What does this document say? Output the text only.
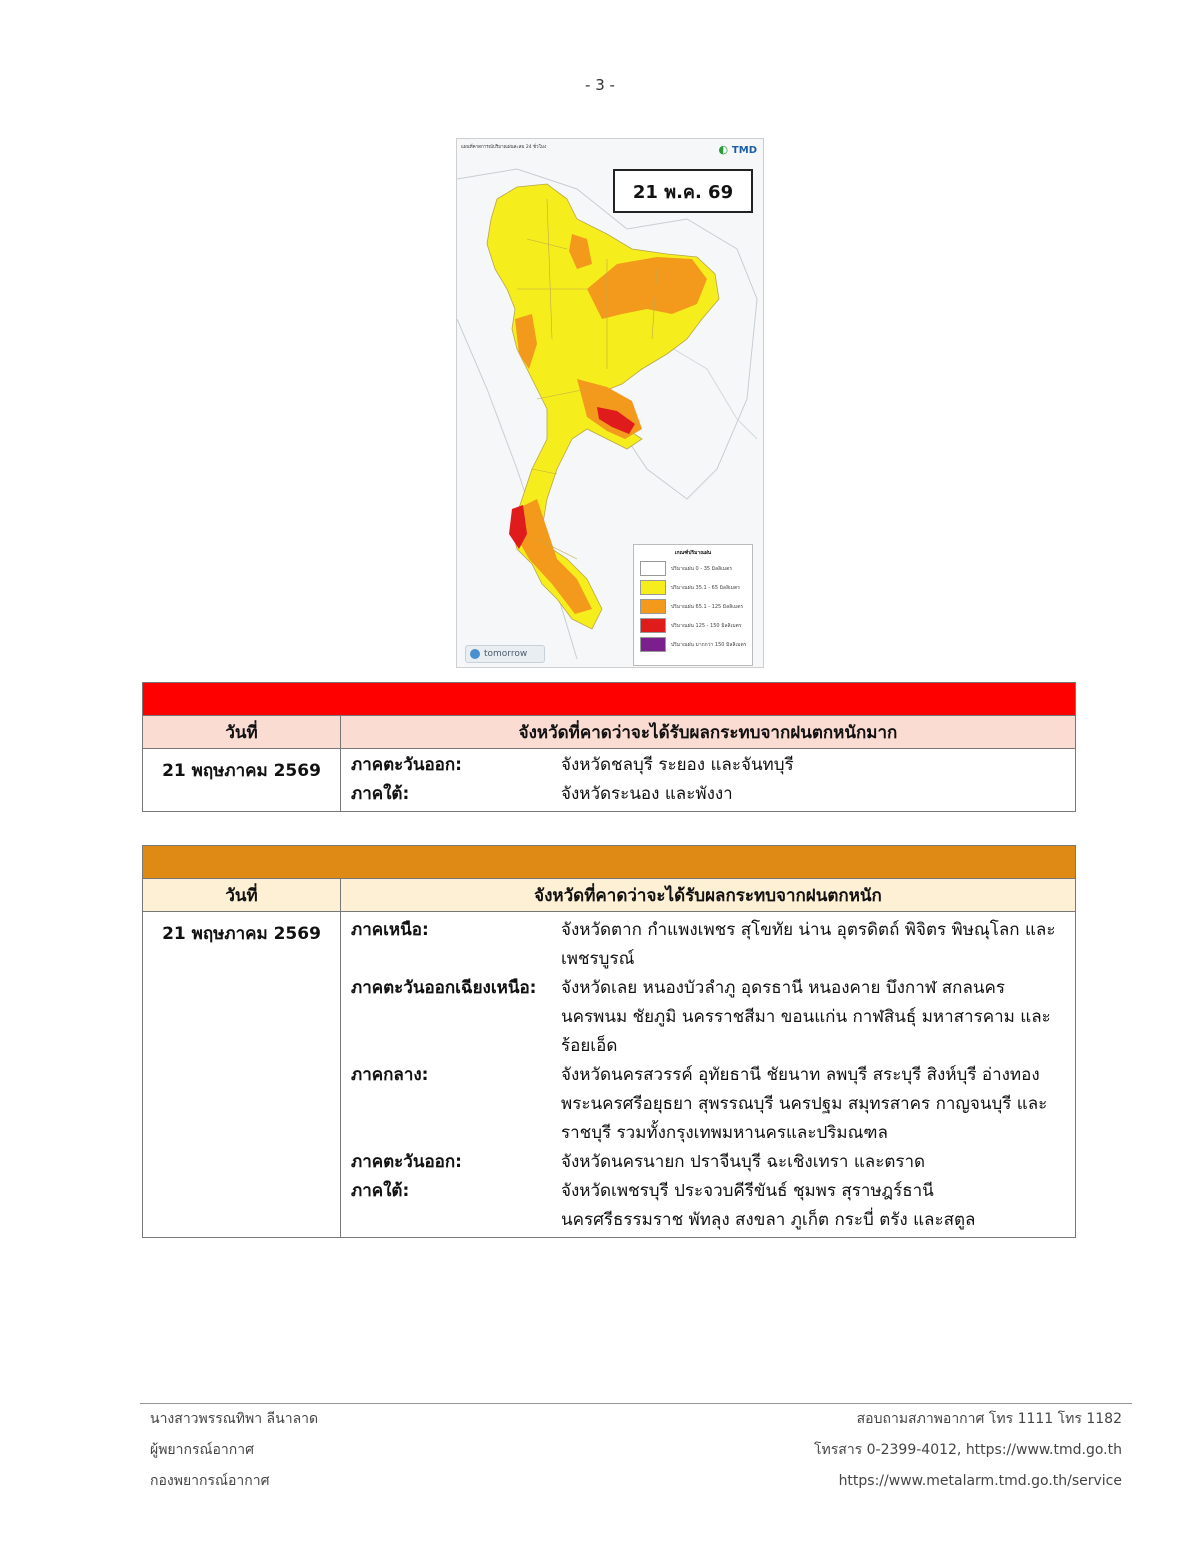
- 3 -
แผนที่คาดการณ์ปริมาณฝนสะสม 24 ชั่วโมง	◐ TMD
21 พ.ค. 69
เกณฑ์ปริมาณฝน
ปริมาณฝน 0 - 35 มิลลิเมตร
ปริมาณฝน 35.1 - 65 มิลลิเมตร
ปริมาณฝน 65.1 - 125 มิลลิเมตร
ปริมาณฝน 125 - 150 มิลลิเมตร
ปริมาณฝน มากกว่า 150 มิลลิเมตร
tomorrow
วันที่	จังหวัดที่คาดว่าจะได้รับผลกระทบจากฝนตกหนักมาก
21 พฤษภาคม 2569	ภาคตะวันออก:	จังหวัดชลบุรี ระยอง และจันทบุรี
ภาคใต้:	จังหวัดระนอง และพังงา
วันที่	จังหวัดที่คาดว่าจะได้รับผลกระทบจากฝนตกหนัก
21 พฤษภาคม 2569	ภาคเหนือ:	จังหวัดตาก กำแพงเพชร สุโขทัย น่าน อุตรดิตถ์ พิจิตร พิษณุโลก และเพชรบูรณ์
ภาคตะวันออกเฉียงเหนือ:	จังหวัดเลย หนองบัวลำภู อุดรธานี หนองคาย บึงกาฬ สกลนคร นครพนม ชัยภูมิ นครราชสีมา ขอนแก่น กาฬสินธุ์ มหาสารคาม และร้อยเอ็ด
ภาคกลาง:	จังหวัดนครสวรรค์ อุทัยธานี ชัยนาท ลพบุรี สระบุรี สิงห์บุรี อ่างทอง พระนครศรีอยุธยา สุพรรณบุรี นครปฐม สมุทรสาคร กาญจนบุรี และราชบุรี รวมทั้งกรุงเทพมหานครและปริมณฑล
ภาคตะวันออก:	จังหวัดนครนายก ปราจีนบุรี ฉะเชิงเทรา และตราด
ภาคใต้:	จังหวัดเพชรบุรี ประจวบคีรีขันธ์ ชุมพร สุราษฎร์ธานี นครศรีธรรมราช พัทลุง สงขลา ภูเก็ต กระบี่ ตรัง และสตูล
นางสาวพรรณทิพา ลีนาลาด
ผู้พยากรณ์อากาศ
กองพยากรณ์อากาศ
สอบถามสภาพอากาศ โทร 1111 โทร 1182
โทรสาร 0-2399-4012, https://www.tmd.go.th
https://www.metalarm.tmd.go.th/service
